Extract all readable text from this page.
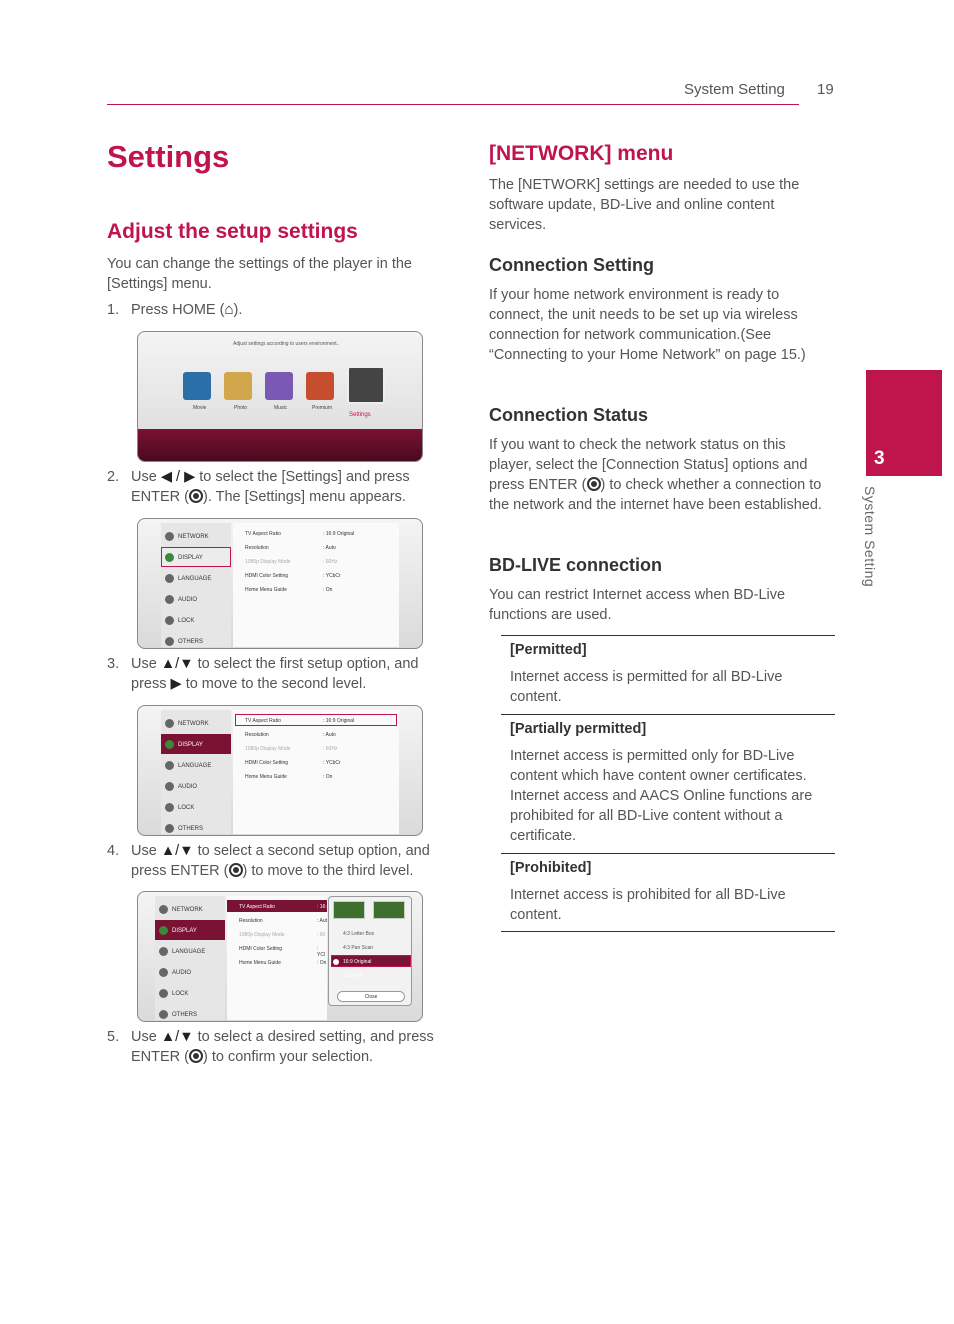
System Setting 19
3
System Setting
Settings
Adjust the setup settings

You can change the settings of the player in the [Settings] menu.

1. Press HOME (⌂).
Adjust settings according to users environment..
Movie	Photo	Music	Premium
Settings
2. Use ◀ / ▶ to select the [Settings] and press
ENTER ( ). The [Settings] menu appears.
NETWORK
DISPLAY
LANGUAGE
AUDIO
LOCK
OTHERS
TV Aspect Ratio	: 16:9 Original
Resolution	: Auto
1080p Display Mode	: 60Hz
HDMI Color Setting	: YCbCr
Home Menu Guide	: On
3. Use ▲/▼ to select the first setup option, and
press ▶ to move to the second level.
NETWORK
DISPLAY
LANGUAGE
AUDIO
LOCK
OTHERS
TV Aspect Ratio	: 16:9 Original
Resolution	: Auto
1080p Display Mode	: 60Hz
HDMI Color Setting	: YCbCr
Home Menu Guide	: On
4. Use ▲/▼ to select a second setup option, and
press ENTER ( ) to move to the third level.
NETWORK
DISPLAY
LANGUAGE
AUDIO
LOCK
OTHERS
TV Aspect Ratio	: 16:
Resolution	: Aut
1080p Display Mode	: 60
HDMI Color Setting	: YCl
Home Menu Guide	: On
4:3 Letter Box
4:3 Pan Scan
16:9 Original
16:9 Full
Close
5. Use ▲/▼ to select a desired setting, and press
ENTER ( ) to confirm your selection.
[NETWORK] menu

The [NETWORK] settings are needed to use the software update, BD-Live and online content services.

Connection Setting

If your home network environment is ready to connect, the unit needs to be set up via wireless connection for network communication.(See “Connecting to your Home Network” on page 15.)

Connection Status

If you want to check the network status on this player, select the [Connection Status] options and press ENTER ( ) to check whether a connection to the network and the internet have been established.

BD-LIVE connection

You can restrict Internet access when BD-Live functions are used.

[Permitted]
Internet access is permitted for all BD-Live content.
[Partially permitted]
Internet access is permitted only for BD-Live content which have content owner certificates. Internet access and AACS Online functions are prohibited for all BD-Live content without a certificate.
[Prohibited]
Internet access is prohibited for all BD-Live content.
